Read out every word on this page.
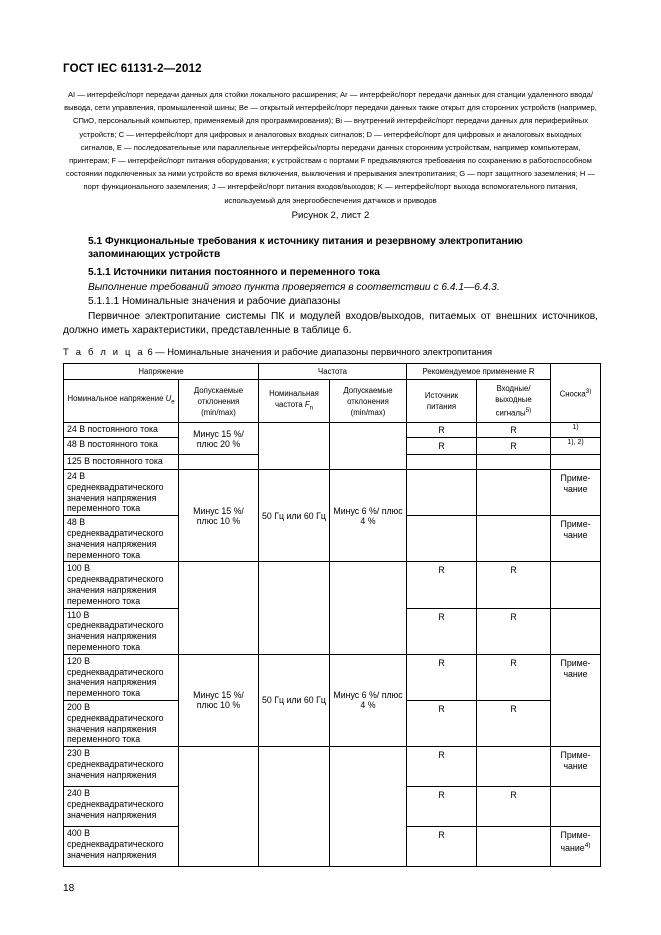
ГОСТ IEC 61131-2—2012
AI — интерфейс/порт передачи данных для стойки локального расширения; Ar — интерфейс/порт передачи данных для станции удаленного ввода/вывода, сети управления, промышленной шины; Be — открытый интерфейс/порт передачи данных также открыт для сторонних устройств (например, СПиО, персональный компьютер, применяемый для программирования); Bi — внутренний интерфейс/порт передачи данных для периферийных устройств; C — интерфейс/порт для цифровых и аналоговых входных сигналов; D — интерфейс/порт для цифровых и аналоговых выходных сигналов, E — последовательные или параллельные интерфейсы/порты передачи данных сторонним устройствам, например компьютерам, принтерам; F — интерфейс/порт питания оборудования; к устройствам с портами F предъявляются требования по сохранению в работоспособном состоянии подключенных за ними устройств во время включения, выключения и прерывания электропитания; G — порт защитного заземления; H — порт функционального заземления; J — интерфейс/порт питания входов/выходов; K — интерфейс/порт выхода вспомогательного питания, используемый для энергообеспечения датчиков и приводов
Рисунок 2, лист 2
5.1 Функциональные требования к источнику питания и резервному электропитанию запоминающих устройств
5.1.1 Источники питания постоянного и переменного тока
Выполнение требований этого пункта проверяется в соответствии с 6.4.1—6.4.3.
5.1.1.1 Номинальные значения и рабочие диапазоны
Первичное электропитание системы ПК и модулей входов/выходов, питаемых от внешних источников, должно иметь характеристики, представленные в таблице 6.
Т а б л и ц а 6 — Номинальные значения и рабочие диапазоны первичного электропитания
Напряжение		Частота		Рекомендуемое применение R		Сноска$^{3)}$
Номинальное напряжение $U_e$	Допускаемые отклонения (min/max)	Номинальная частота $F_n$	Допускаемые отклонения (min/max)	Источник питания	Входные/ выходные сигналы$^{5)}$
24 В постоянного тока	Минус 15 %/ плюс 20 %			R	R	1)
48 В постоянного тока				R	R	1), 2)
125 В постоянного тока						
24 В среднеквадратического значения напряжения переменного тока	Минус 15 %/ плюс 10 %	50 Гц или 60 Гц	Минус 6 %/ плюс 4 %			Приме-чание
48 В среднеквадратического значения напряжения переменного тока						Приме-чание
100 В среднеквадратического значения напряжения переменного тока				R	R	
110 В среднеквадратического значения напряжения переменного тока				R	R	
120 В среднеквадратического значения напряжения переменного тока	Минус 15 %/ плюс 10 %	50 Гц или 60 Гц	Минус 6 %/ плюс 4 %	R	R	Приме-чание
200 В среднеквадратического значения напряжения переменного тока				R	R	
230 В среднеквадратического значения напряжения				R		Приме-чание
240 В среднеквадратического значения напряжения				R	R	
400 В среднеквадратического значения напряжения				R		Приме-чание$^{4)}$
18
